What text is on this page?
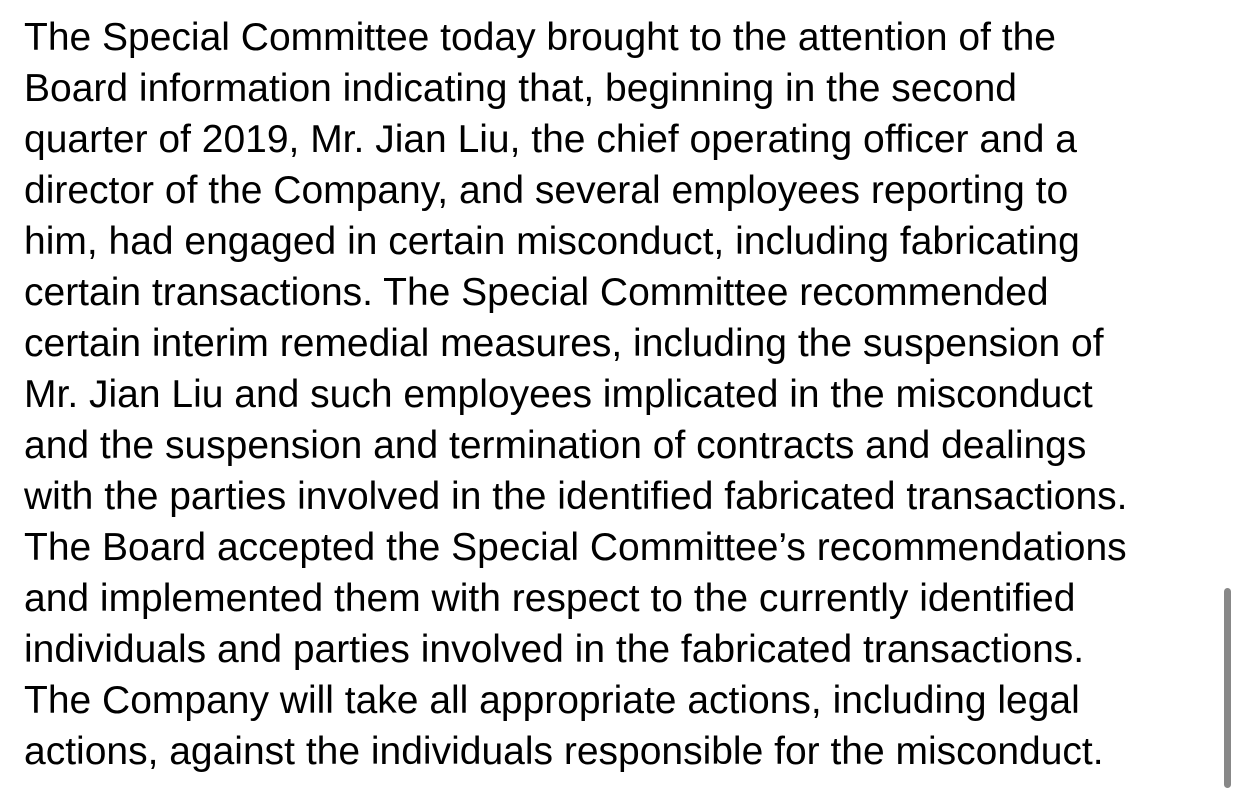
The Special Committee today brought to the attention of the
Board information indicating that, beginning in the second
quarter of 2019, Mr. Jian Liu, the chief operating officer and a
director of the Company, and several employees reporting to
him, had engaged in certain misconduct, including fabricating
certain transactions. The Special Committee recommended
certain interim remedial measures, including the suspension of
Mr. Jian Liu and such employees implicated in the misconduct
and the suspension and termination of contracts and dealings
with the parties involved in the identified fabricated transactions.
The Board accepted the Special Committee’s recommendations
and implemented them with respect to the currently identified
individuals and parties involved in the fabricated transactions.
The Company will take all appropriate actions, including legal
actions, against the individuals responsible for the misconduct.
